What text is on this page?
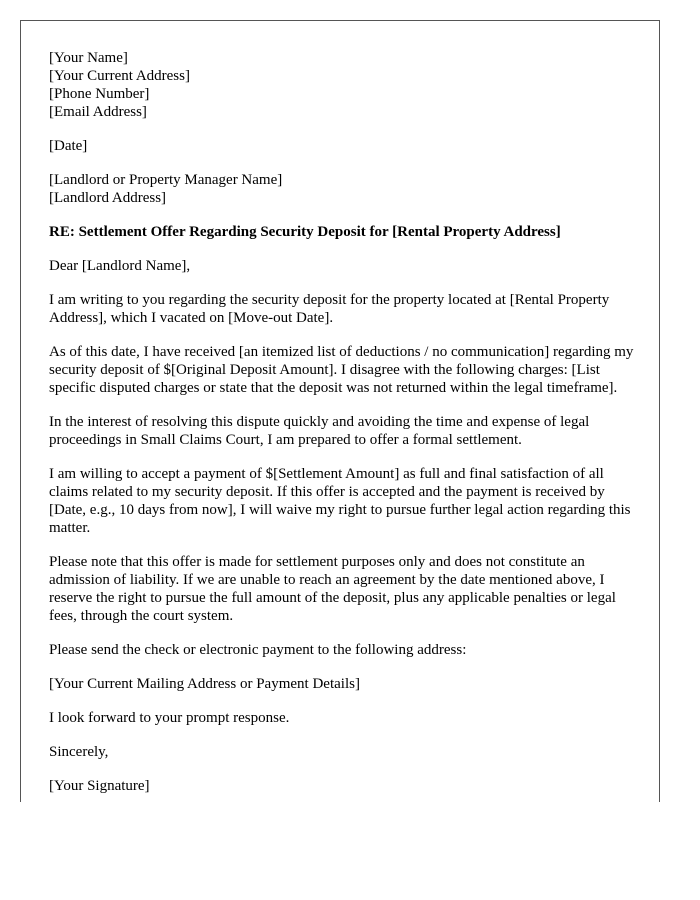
[Your Name]
[Your Current Address]
[Phone Number]
[Email Address]

[Date]

[Landlord or Property Manager Name]
[Landlord Address]

RE: Settlement Offer Regarding Security Deposit for [Rental Property Address]

Dear [Landlord Name],

I am writing to you regarding the security deposit for the property located at [Rental Property Address], which I vacated on [Move-out Date].

As of this date, I have received [an itemized list of deductions / no communication] regarding my security deposit of $[Original Deposit Amount]. I disagree with the following charges: [List specific disputed charges or state that the deposit was not returned within the legal timeframe].

In the interest of resolving this dispute quickly and avoiding the time and expense of legal proceedings in Small Claims Court, I am prepared to offer a formal settlement.

I am willing to accept a payment of $[Settlement Amount] as full and final satisfaction of all claims related to my security deposit. If this offer is accepted and the payment is received by [Date, e.g., 10 days from now], I will waive my right to pursue further legal action regarding this matter.

Please note that this offer is made for settlement purposes only and does not constitute an admission of liability. If we are unable to reach an agreement by the date mentioned above, I reserve the right to pursue the full amount of the deposit, plus any applicable penalties or legal fees, through the court system.

Please send the check or electronic payment to the following address:

[Your Current Mailing Address or Payment Details]

I look forward to your prompt response.

Sincerely,

[Your Signature]
